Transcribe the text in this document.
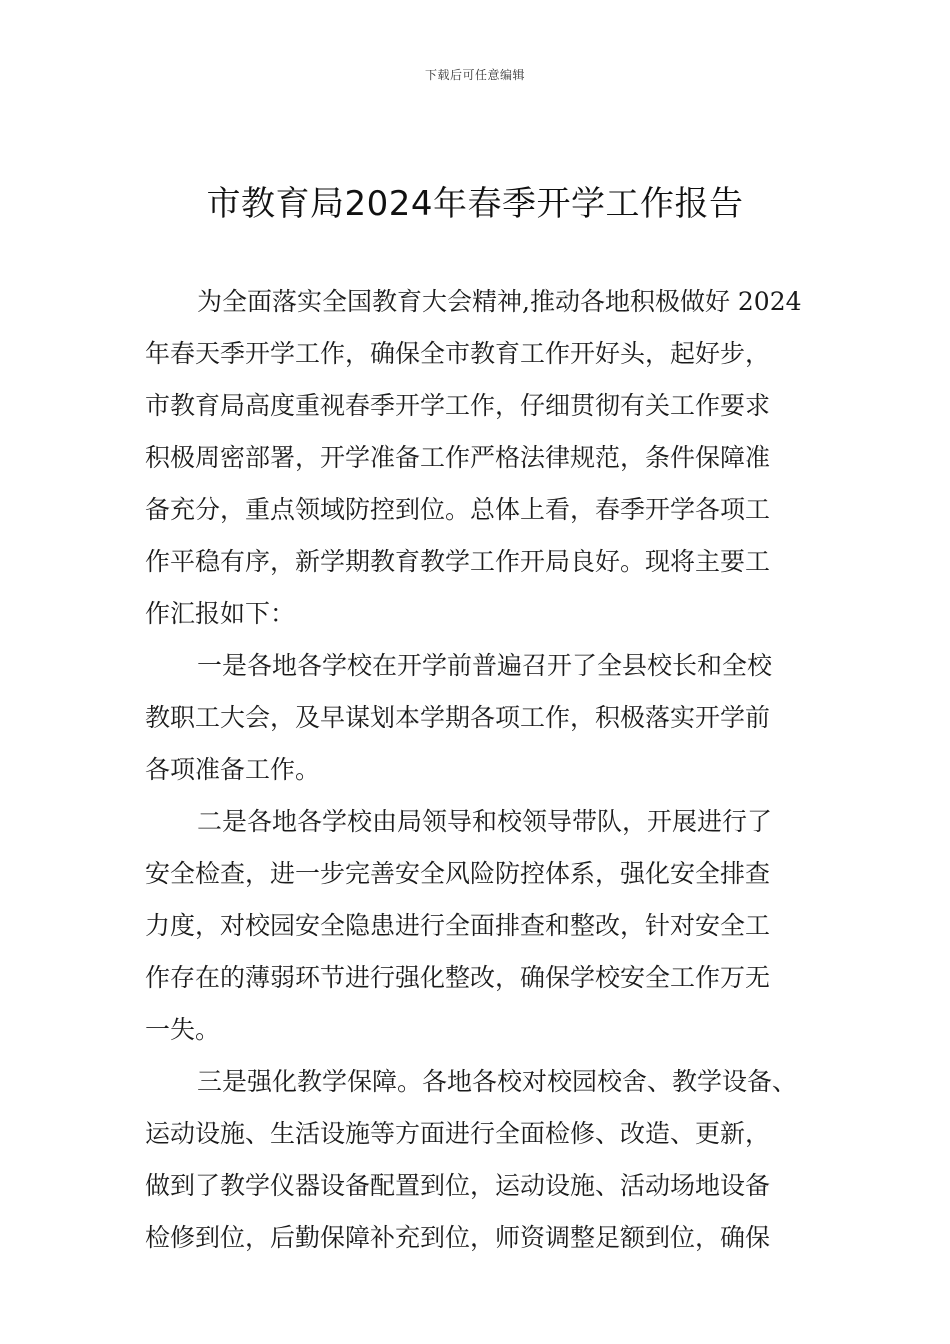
下载后可任意编辑
市教育局2024年春季开学工作报告
为全面落实全国教育大会精神,推动各地积极做好 2024
年春天季开学工作，确保全市教育工作开好头，起好步，
市教育局高度重视春季开学工作，仔细贯彻有关工作要求
积极周密部署，开学准备工作严格法律规范，条件保障准
备充分，重点领域防控到位。总体上看，春季开学各项工
作平稳有序，新学期教育教学工作开局良好。现将主要工
作汇报如下：
一是各地各学校在开学前普遍召开了全县校长和全校
教职工大会，及早谋划本学期各项工作，积极落实开学前
各项准备工作。
二是各地各学校由局领导和校领导带队，开展进行了
安全检查，进一步完善安全风险防控体系，强化安全排查
力度，对校园安全隐患进行全面排查和整改，针对安全工
作存在的薄弱环节进行强化整改，确保学校安全工作万无
一失。
三是强化教学保障。各地各校对校园校舍、教学设备、
运动设施、生活设施等方面进行全面检修、改造、更新，
做到了教学仪器设备配置到位，运动设施、活动场地设备
检修到位，后勤保障补充到位，师资调整足额到位，确保
